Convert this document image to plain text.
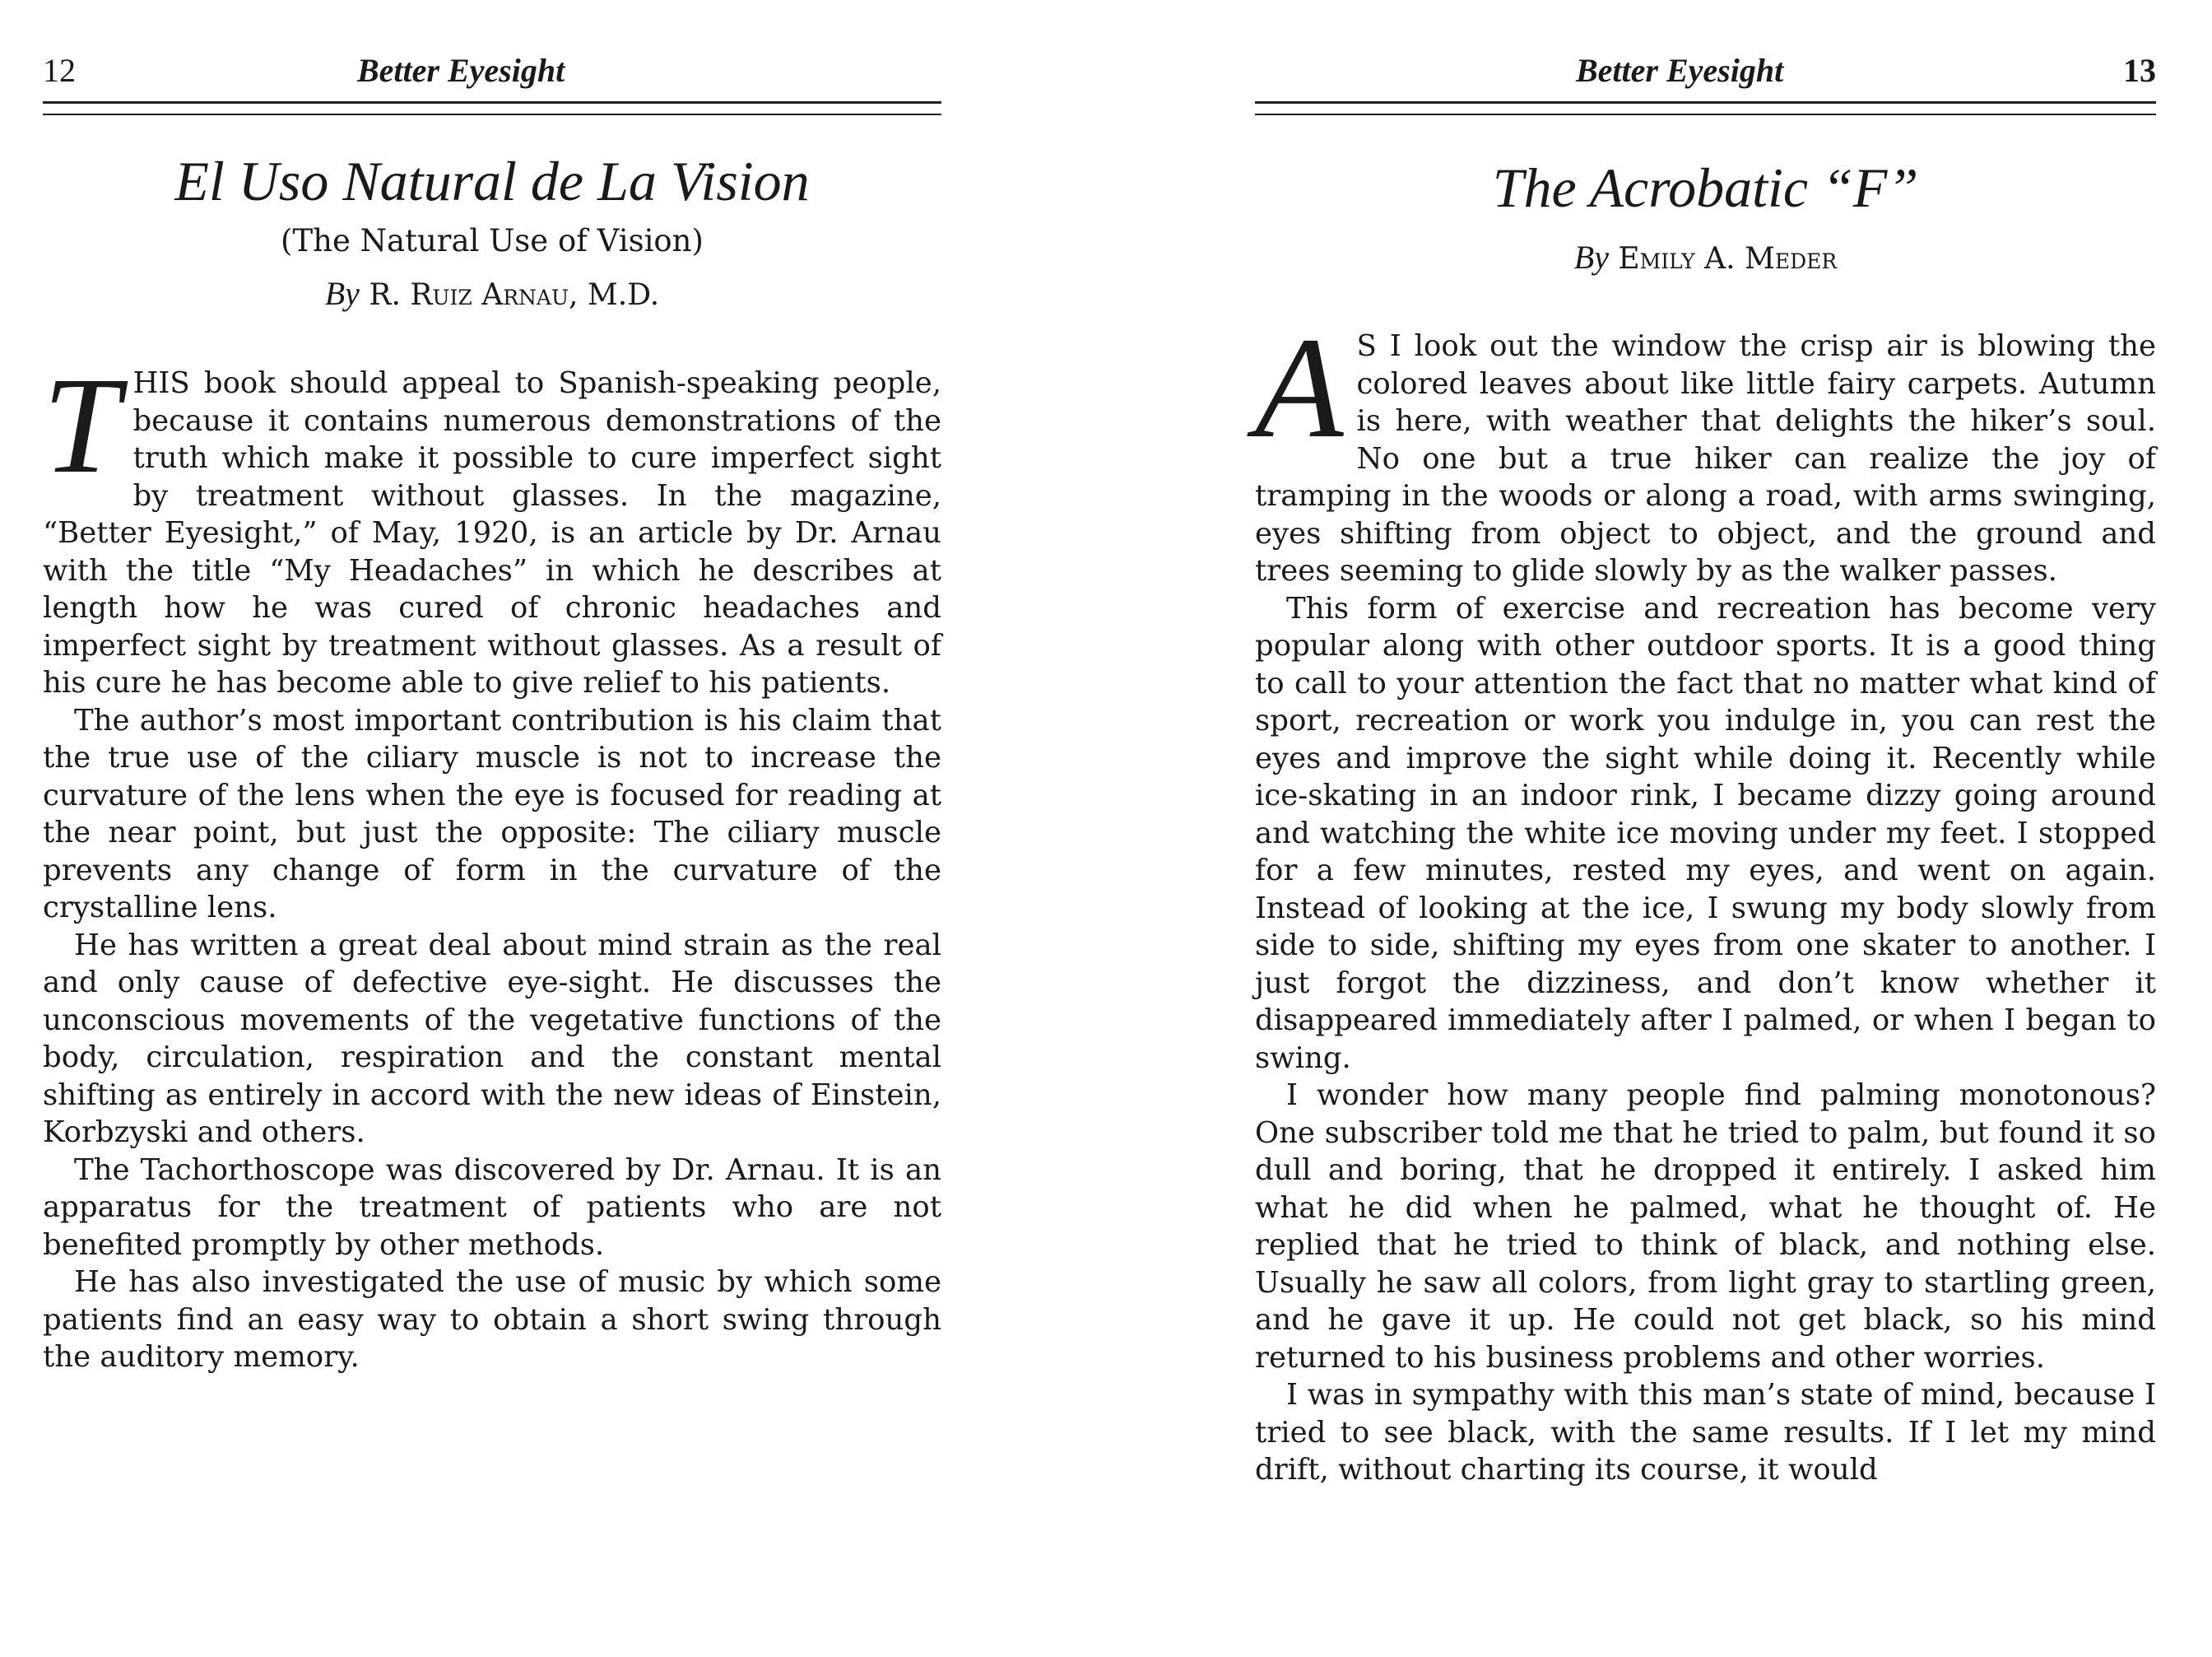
12	Better Eyesight
El Uso Natural de La Vision
(The Natural Use of Vision)
By R. Ruiz Arnau, M.D.

THIS book should appeal to Spanish-speaking people, because it contains numerous demonstrations of the truth which make it possible to cure imperfect sight by treatment without glasses. In the magazine, “Better Eyesight,” of May, 1920, is an article by Dr. Arnau with the title “My Headaches” in which he describes at length how he was cured of chronic headaches and imperfect sight by treatment without glasses. As a result of his cure he has become able to give relief to his patients.

The author’s most important contribution is his claim that the true use of the ciliary muscle is not to increase the curvature of the lens when the eye is focused for reading at the near point, but just the opposite: The ciliary muscle prevents any change of form in the curvature of the crystalline lens.

He has written a great deal about mind strain as the real and only cause of defective eye-sight. He discusses the unconscious movements of the vegetative functions of the body, circulation, respiration and the constant mental shifting as entirely in accord with the new ideas of Einstein, Korbzyski and others.

The Tachorthoscope was discovered by Dr. Arnau. It is an apparatus for the treatment of patients who are not benefited promptly by other methods.

He has also investigated the use of music by which some patients find an easy way to obtain a short swing through the auditory memory.

Better Eyesight	13
The Acrobatic “F”
By Emily A. Meder

A S I look out the window the crisp air is blowing the colored leaves about like little fairy carpets. Autumn is here, with weather that delights the hiker’s soul. No one but a true hiker can realize the joy of tramping in the woods or along a road, with arms swinging, eyes shifting from object to object, and the ground and trees seeming to glide slowly by as the walker passes.

This form of exercise and recreation has become very popular along with other outdoor sports. It is a good thing to call to your attention the fact that no matter what kind of sport, recreation or work you indulge in, you can rest the eyes and improve the sight while doing it. Recently while ice-skating in an indoor rink, I became dizzy going around and watching the white ice moving under my feet. I stopped for a few minutes, rested my eyes, and went on again. Instead of looking at the ice, I swung my body slowly from side to side, shifting my eyes from one skater to another. I just forgot the dizziness, and don’t know whether it disappeared immediately after I palmed, or when I began to swing.

I wonder how many people find palming monotonous? One subscriber told me that he tried to palm, but found it so dull and boring, that he dropped it entirely. I asked him what he did when he palmed, what he thought of. He replied that he tried to think of black, and nothing else. Usually he saw all colors, from light gray to startling green, and he gave it up. He could not get black, so his mind returned to his business problems and other worries.

I was in sympathy with this man’s state of mind, because I tried to see black, with the same results. If I let my mind drift, without charting its course, it would
